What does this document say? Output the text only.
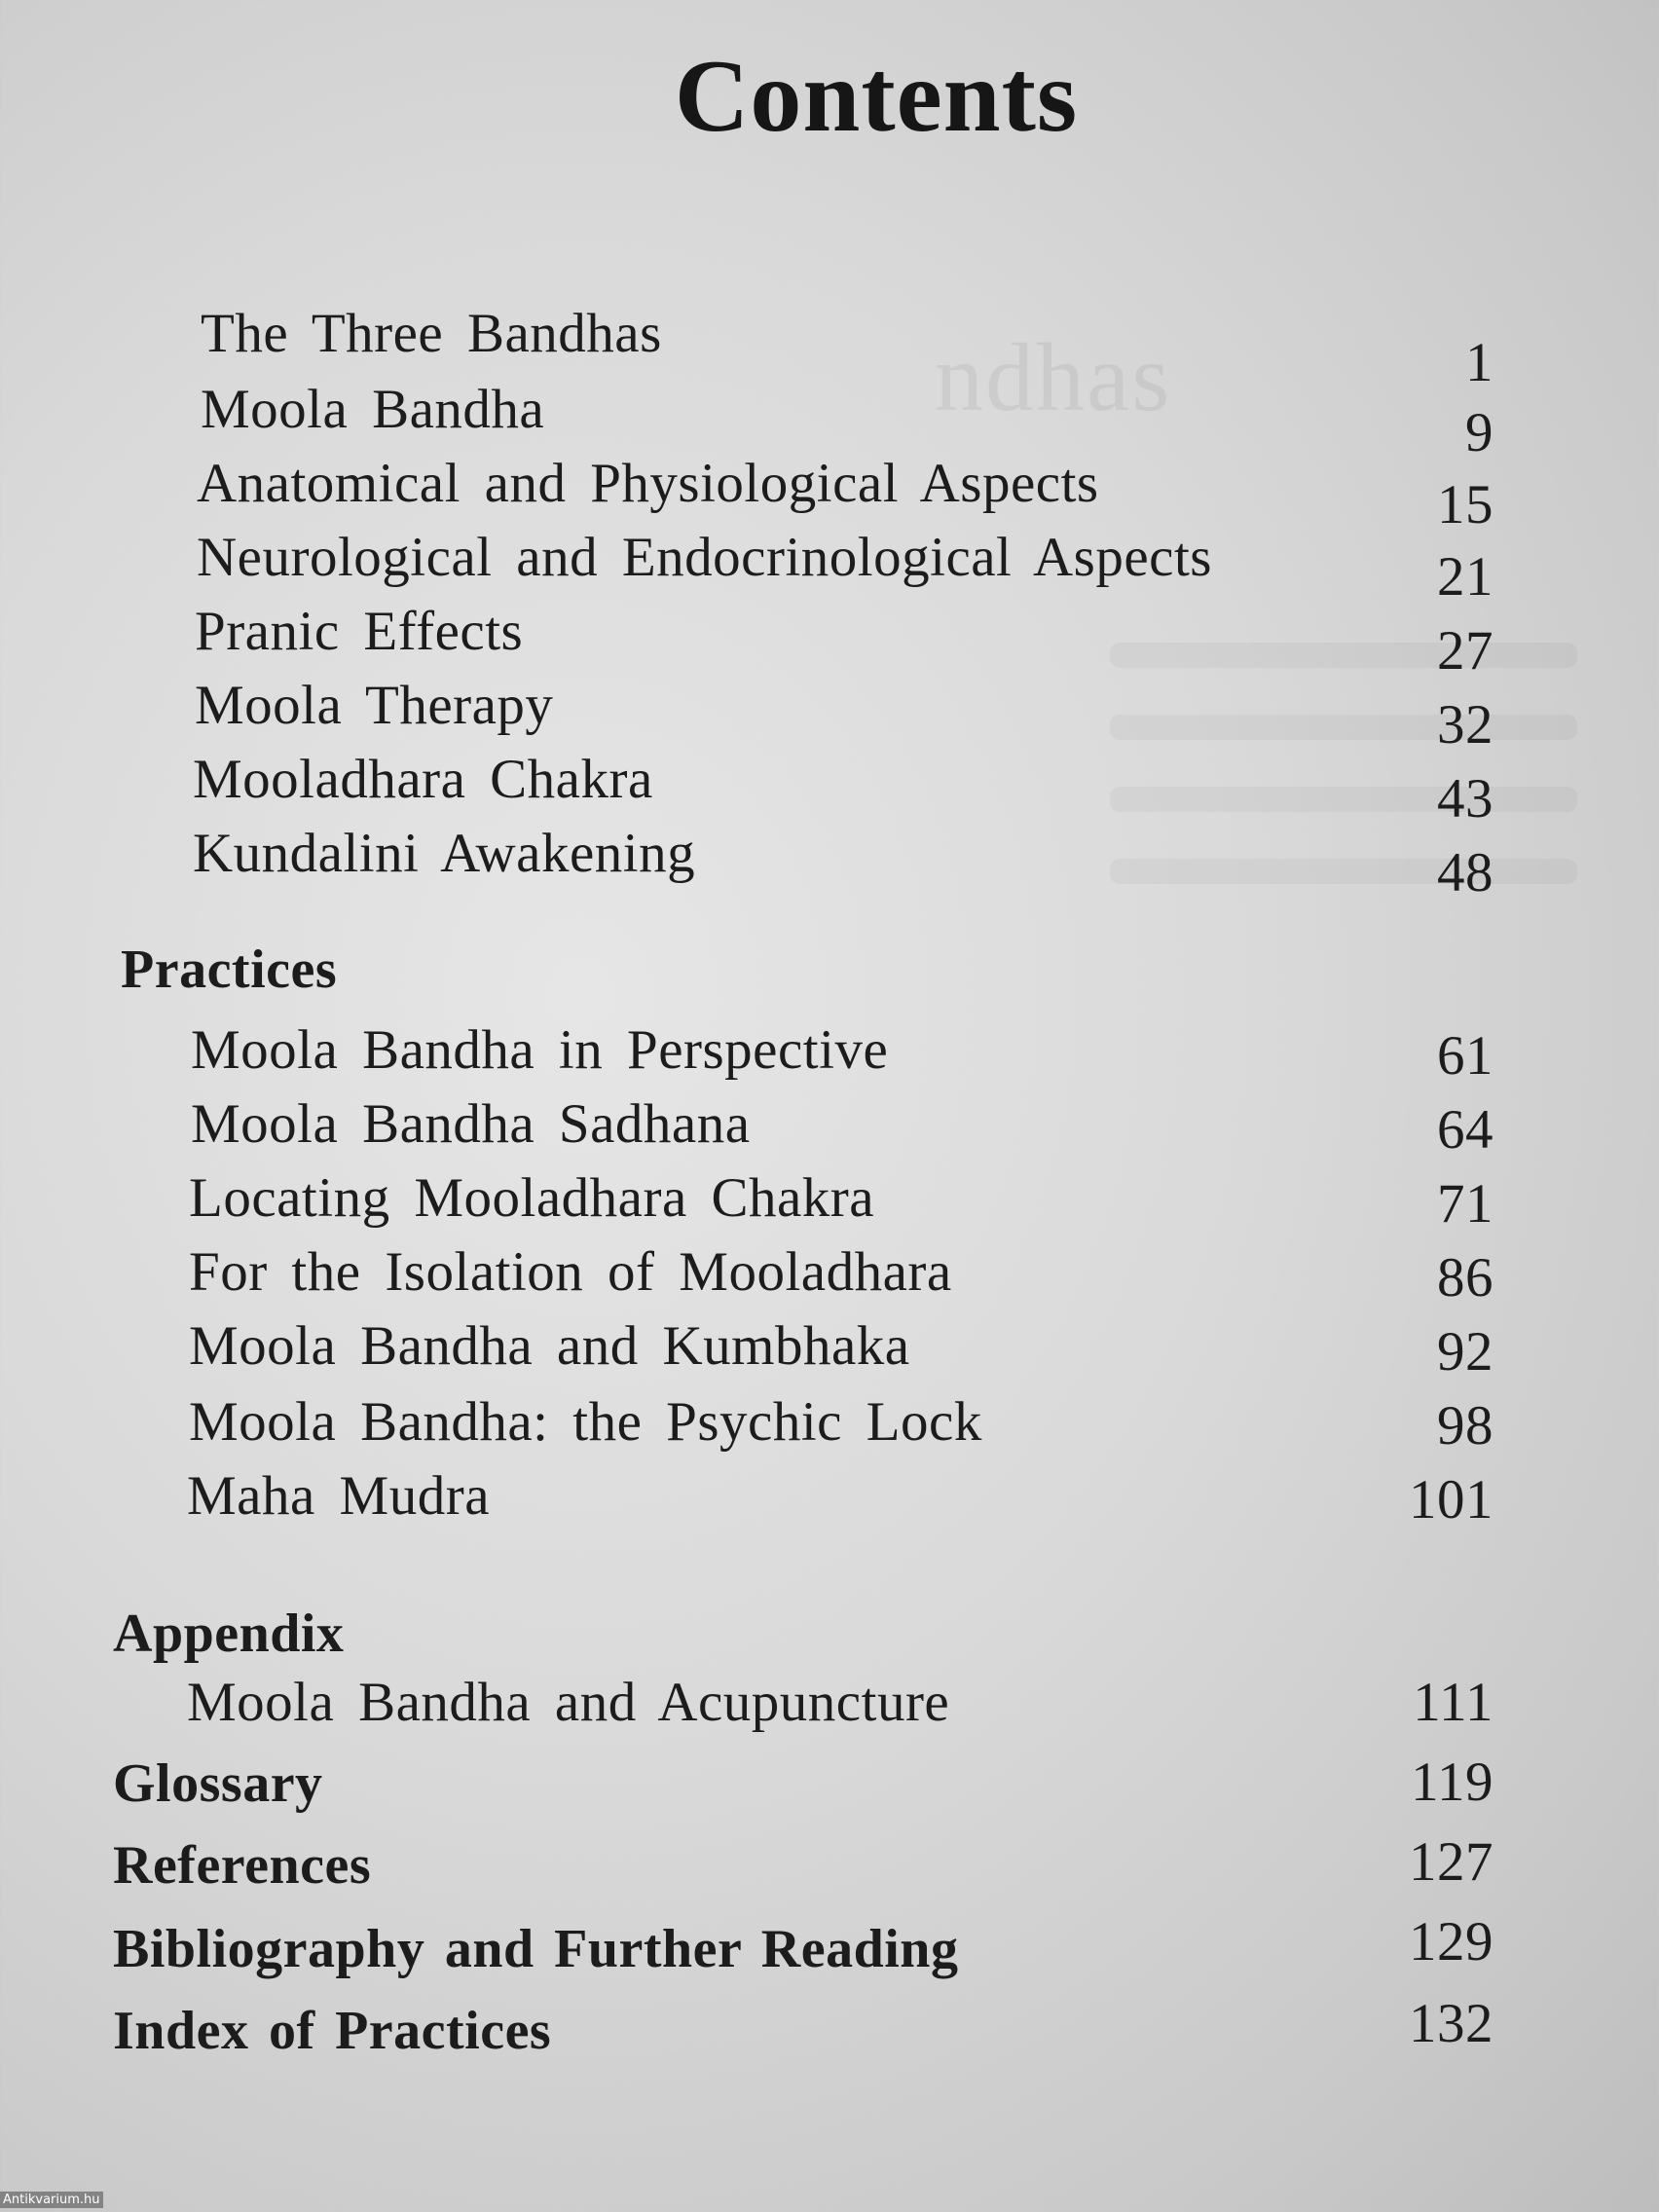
ndhas
Contents
The Three Bandhas	1
Moola Bandha	9
Anatomical and Physiological Aspects	15
Neurological and Endocrinological Aspects	21
Pranic Effects	27
Moola Therapy	32
Mooladhara Chakra	43
Kundalini Awakening	48
Practices
Moola Bandha in Perspective	61
Moola Bandha Sadhana	64
Locating Mooladhara Chakra	71
For the Isolation of Mooladhara	86
Moola Bandha and Kumbhaka	92
Moola Bandha: the Psychic Lock	98
Maha Mudra	101
Appendix
Moola Bandha and Acupuncture	111
Glossary	119
References	127
Bibliography and Further Reading	129
Index of Practices	132
Antikvarium.hu
